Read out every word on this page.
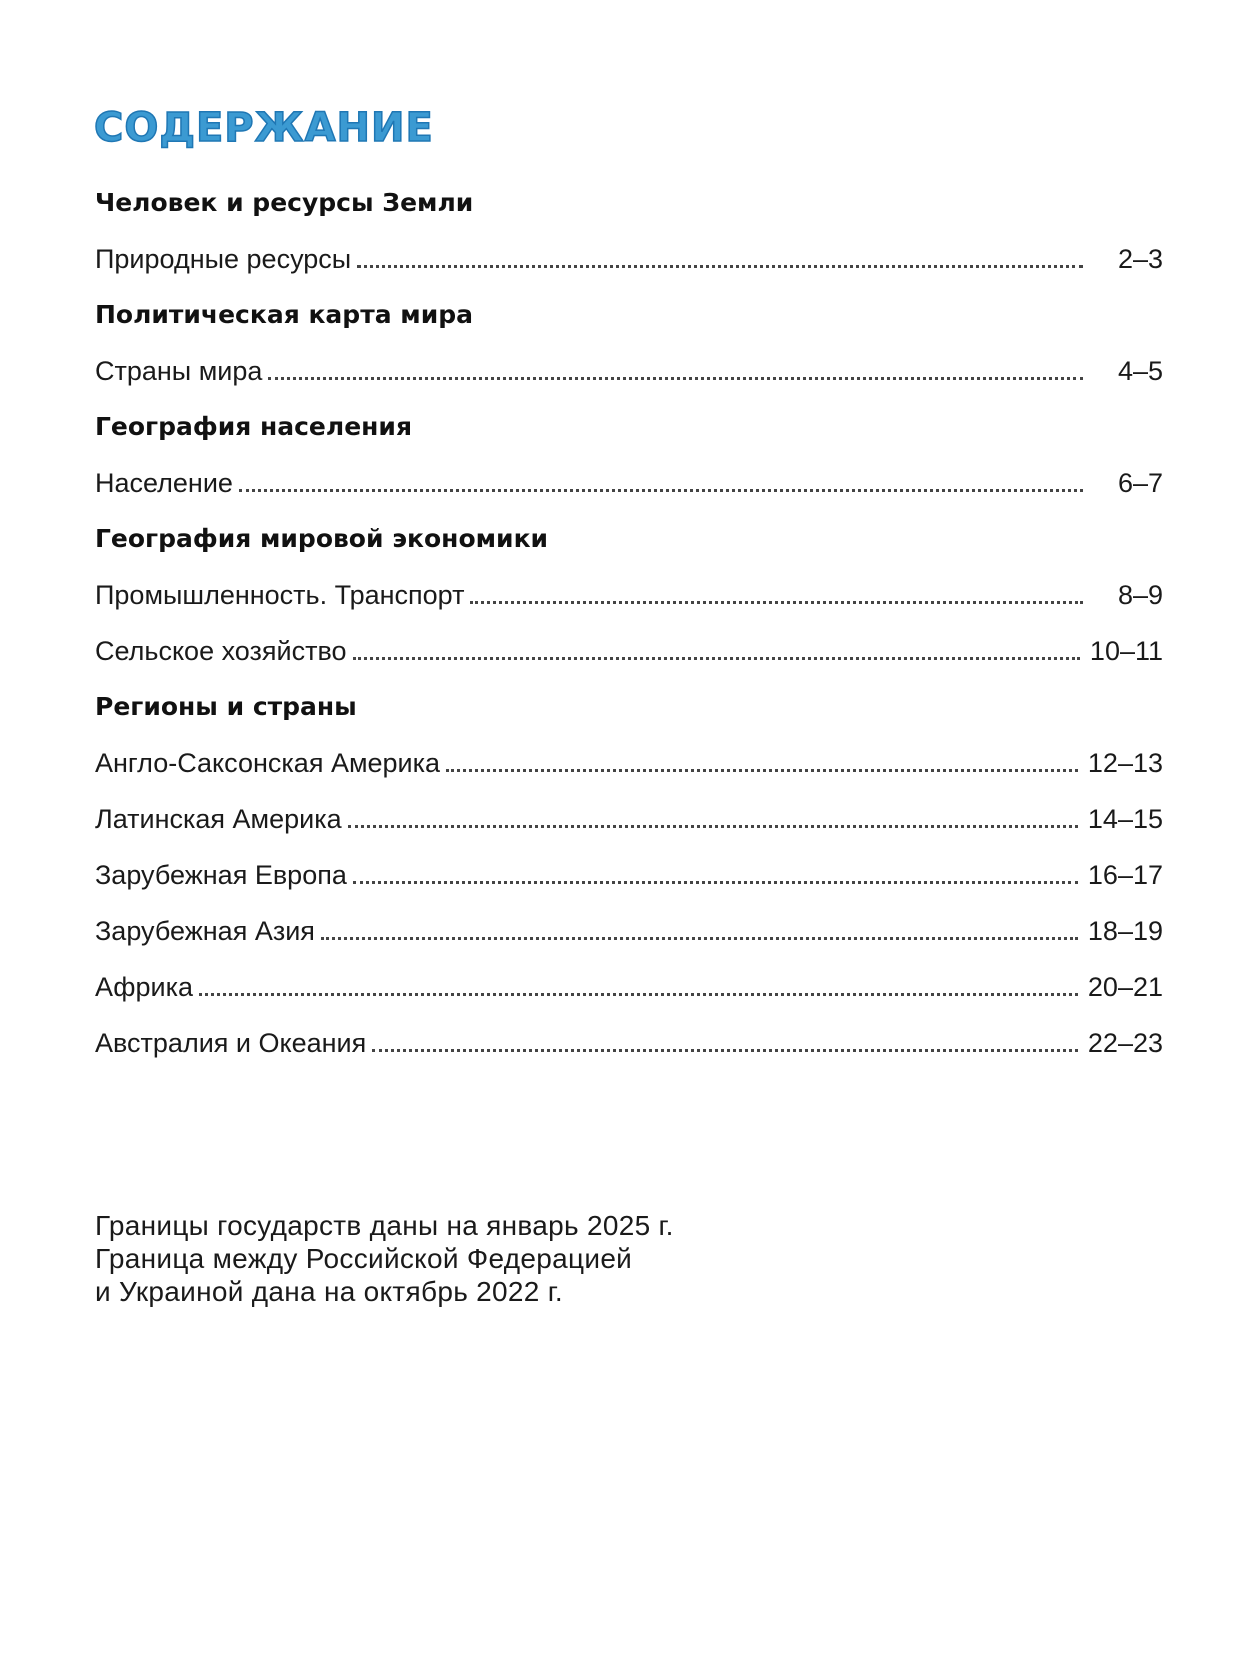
СОДЕРЖАНИЕ
Человек и ресурсы Земли
Природные ресурсы	2–3
Политическая карта мира
Страны мира	4–5
География населения
Население	6–7
География мировой экономики
Промышленность. Транспорт	8–9
Сельское хозяйство	10–11
Регионы и страны
Англо-Саксонская Америка	12–13
Латинская Америка	14–15
Зарубежная Европа	16–17
Зарубежная Азия	18–19
Африка	20–21
Австралия и Океания	22–23
Границы государств даны на январь 2025 г.
Граница между Российской Федерацией
и Украиной дана на октябрь 2022 г.
